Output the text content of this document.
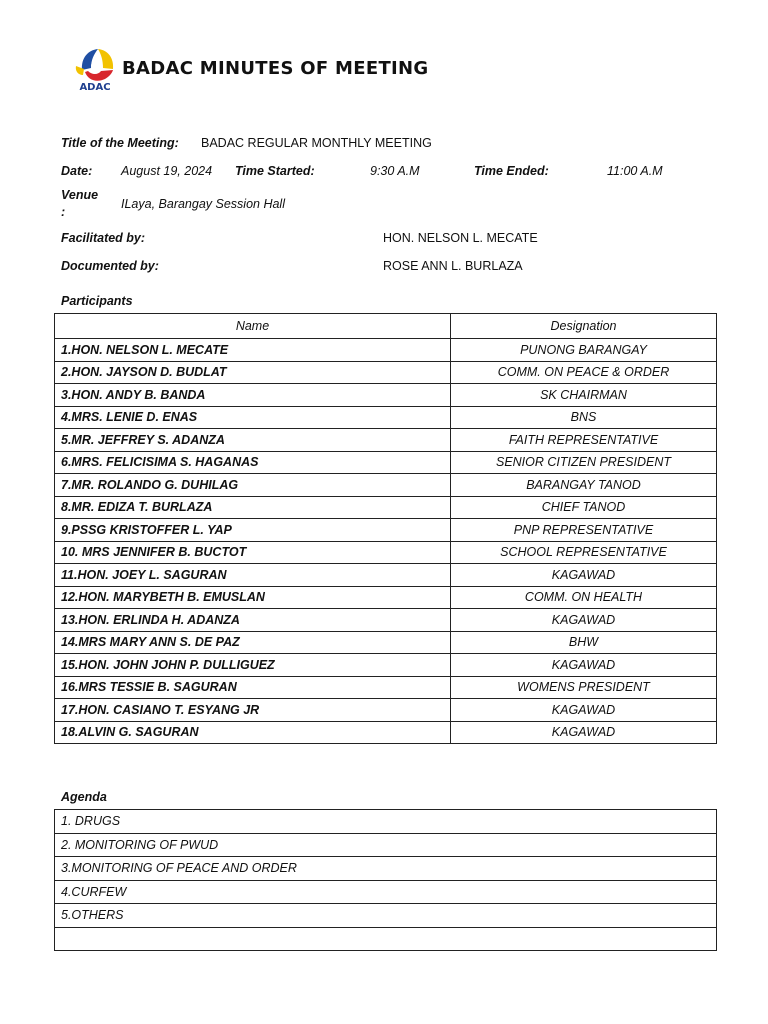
ADAC
BADAC MINUTES OF MEETING
Title of the Meeting: BADAC REGULAR MONTHLY MEETING
Date: August 19, 2024 Time Started:	9:30 A.M	Time Ended:	11:00 A.M
Venue
:
ILaya, Barangay Session Hall
Facilitated by:	HON. NELSON L. MECATE
Documented by:	ROSE ANN L. BURLAZA
Participants
Name	Designation
1.HON. NELSON L. MECATE	PUNONG BARANGAY
2.HON. JAYSON D. BUDLAT	COMM. ON PEACE & ORDER
3.HON. ANDY B. BANDA	SK CHAIRMAN
4.MRS. LENIE D. ENAS	BNS
5.MR. JEFFREY S. ADANZA	FAITH REPRESENTATIVE
6.MRS. FELICISIMA S. HAGANAS	SENIOR CITIZEN PRESIDENT
7.MR. ROLANDO G. DUHILAG	BARANGAY TANOD
8.MR. EDIZA T. BURLAZA	CHIEF TANOD
9.PSSG KRISTOFFER L. YAP	PNP REPRESENTATIVE
10. MRS JENNIFER B. BUCTOT	SCHOOL REPRESENTATIVE
11.HON. JOEY L. SAGURAN	KAGAWAD
12.HON. MARYBETH B. EMUSLAN	COMM. ON HEALTH
13.HON. ERLINDA H. ADANZA	KAGAWAD
14.MRS MARY ANN S. DE PAZ	BHW
15.HON. JOHN JOHN P. DULLIGUEZ	KAGAWAD
16.MRS TESSIE B. SAGURAN	WOMENS PRESIDENT
17.HON. CASIANO T. ESYANG JR	KAGAWAD
18.ALVIN G. SAGURAN	KAGAWAD
Agenda
1. DRUGS
2. MONITORING OF PWUD
3.MONITORING OF PEACE AND ORDER
4.CURFEW
5.OTHERS
